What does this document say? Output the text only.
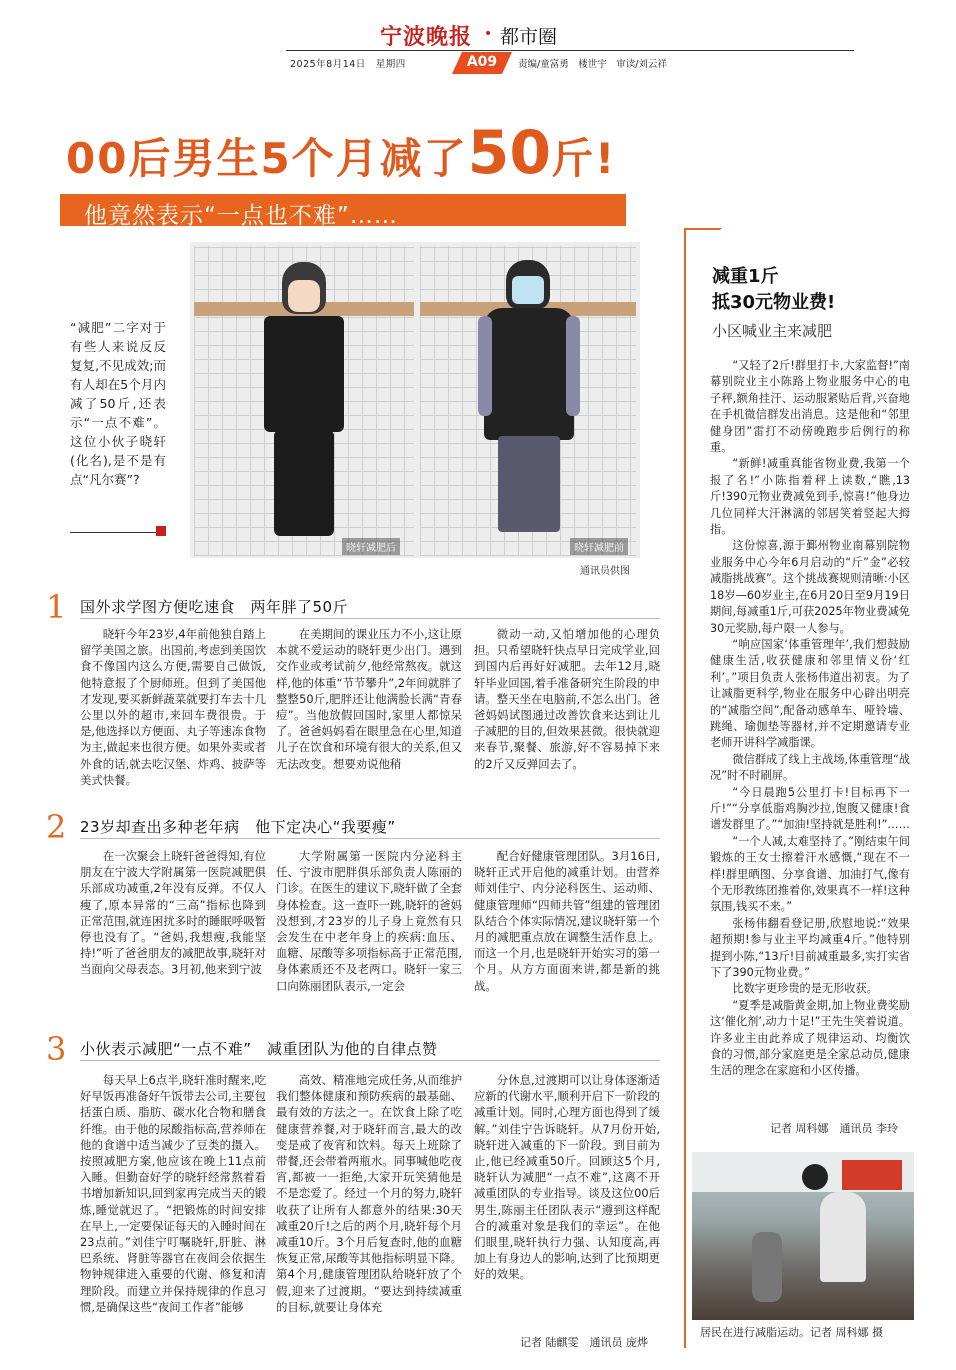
宁波晚报 • 都市圈
2025年8月14日　星期四	A09	责编/童富勇　楼世宇　审读/刘云祥
00后男生5个月减了50斤!
他竟然表示“一点也不难”……
晓轩减肥后	晓轩减肥前
通讯员供图
“减肥”二字对于有些人来说反反复复,不见成效;而有人却在5个月内减了50斤,还表示“一点不难”。这位小伙子晓轩(化名),是不是有点“凡尔赛”?
1 国外求学图方便吃速食　两年胖了50斤

晓轩今年23岁,4年前他独自踏上留学美国之旅。出国前,考虑到美国饮食不像国内这么方便,需要自己做饭,他特意报了个厨师班。但到了美国他才发现,要买新鲜蔬菜就要打车去十几公里以外的超市,来回车费很贵。于是,他选择以方便面、丸子等速冻食物为主,做起来也很方便。如果外卖或者外食的话,就去吃汉堡、炸鸡、披萨等美式快餐。

在美期间的课业压力不小,这让原本就不爱运动的晓轩更少出门。遇到交作业或考试前夕,他经常熬夜。就这样,他的体重“节节攀升”,2年间就胖了整整50斤,肥胖还让他满脸长满“青春痘”。当他放假回国时,家里人都惊呆了。爸爸妈妈看在眼里急在心里,知道儿子在饮食和环境有很大的关系,但又无法改变。想要劝说他稍

微动一动,又怕增加他的心理负担。只希望晓轩快点早日完成学业,回到国内后再好好减肥。去年12月,晓轩毕业回国,着手准备研究生阶段的申请。整天坐在电脑前,不怎么出门。爸爸妈妈试图通过改善饮食来达到让儿子减肥的目的,但效果甚微。很快就迎来春节,聚餐、旅游,好不容易掉下来的2斤又反弹回去了。

2 23岁却查出多种老年病　他下定决心“我要瘦”

在一次聚会上晓轩爸爸得知,有位朋友在宁波大学附属第一医院减肥俱乐部成功减重,2年没有反弹。不仅人瘦了,原本异常的“三高”指标也降到正常范围,就连困扰多时的睡眠呼吸暂停也没有了。“爸妈,我想瘦,我能坚持!”听了爸爸朋友的减肥故事,晓轩对当面向父母表态。3月初,他来到宁波

大学附属第一医院内分泌科主任、宁波市肥胖俱乐部负责人陈丽的门诊。在医生的建议下,晓轩做了全套身体检查。这一查吓一跳,晓轩的爸妈没想到,才23岁的儿子身上竟然有只会发生在中老年身上的疾病:血压、血糖、尿酸等多项指标高于正常范围,身体素质还不及老两口。晓轩一家三口向陈丽团队表示,一定会

配合好健康管理团队。3月16日,晓轩正式开启他的减重计划。由营养师刘佳宁、内分泌科医生、运动师、健康管理师“四师共管”组建的管理团队结合个体实际情况,建议晓轩第一个月的减肥重点放在调整生活作息上。而这一个月,也是晓轩开始实习的第一个月。从方方面面来讲,都是新的挑战。

3 小伙表示减肥“一点不难”　减重团队为他的自律点赞

每天早上6点半,晓轩准时醒来,吃好早饭再准备好午饭带去公司,主要包括蛋白质、脂肪、碳水化合物和膳食纤维。由于他的尿酸指标高,营养师在他的食谱中适当减少了豆类的摄入。按照减肥方案,他应该在晚上11点前入睡。但勤奋好学的晓轩经常熬着看书增加新知识,回到家再完成当天的锻炼,睡觉就迟了。“把锻炼的时间安排在早上,一定要保证每天的入睡时间在23点前。”刘佳宁叮嘱晓轩,肝脏、淋巴系统、肾脏等器官在夜间会依据生物钟规律进入重要的代谢、修复和清理阶段。而建立并保持规律的作息习惯,是确保这些“夜间工作者”能够

高效、精准地完成任务,从而维护我们整体健康和预防疾病的最基础、最有效的方法之一。在饮食上除了吃健康营养餐,对于晓轩而言,最大的改变是戒了夜宵和饮料。每天上班除了带餐,还会带着两瓶水。同事喊他吃夜宵,都被一一拒绝,大家开玩笑猜他是不是恋爱了。经过一个月的努力,晓轩收获了让所有人都意外的结果:30天减重20斤!之后的两个月,晓轩每个月减重10斤。3个月后复查时,他的血糖恢复正常,尿酸等其他指标明显下降。第4个月,健康管理团队给晓轩放了个假,迎来了过渡期。“要达到持续减重的目标,就要让身体充

分休息,过渡期可以让身体逐渐适应新的代谢水平,顺利开启下一阶段的减重计划。同时,心理方面也得到了缓解。”刘佳宁告诉晓轩。从7月份开始,晓轩进入减重的下一阶段。到目前为止,他已经减重50斤。回顾这5个月,晓轩认为减肥“一点不难”,这离不开减重团队的专业指导。谈及这位00后男生,陈丽主任团队表示“遵到这样配合的减重对象是我们的幸运”。在他们眼里,晓轩执行力强、认知度高,再加上有身边人的影响,达到了比预期更好的效果。

记者 陆麒雯　通讯员 庞烨
减重1斤
抵30元物业费!
小区喊业主来减肥

“又轻了2斤!群里打卡,大家监督!”南幕别院业主小陈路上物业服务中心的电子秤,额角挂汗、运动服紧贴后背,兴奋地在手机微信群发出消息。这是他和“邻里健身团”雷打不动傍晚跑步后例行的称重。

“新鲜!减重真能省物业费,我第一个报了名!”小陈指着秤上读数,“瞧,13斤!390元物业费减免到手,惊喜!”他身边几位同样大汗淋漓的邻居笑着竖起大拇指。

这份惊喜,源于鄞州物业南幕别院物业服务中心今年6月启动的“斤”金”必较减脂挑战赛”。这个挑战赛规则清晰:小区18岁—60岁业主,在6月20日至9月19日期间,每减重1斤,可获2025年物业费减免30元奖励,每户限一人参与。

“响应国家‘体重管理年’,我们想鼓励健康生活,收获健康和邻里情义份‘红利’。”项目负责人张杨伟道出初衷。为了让减脂更科学,物业在服务中心辟出明亮的“减脂空间”,配备动感单车、哑铃墙、跳绳、瑜伽垫等器材,并不定期邀请专业老师开讲科学减脂课。

微信群成了线上主战场,体重管理“战况”时不时刷屏。

“今日晨跑5公里打卡!目标再下一斤!”“分享低脂鸡胸沙拉,饱腹又健康!食谱发群里了。”“加油!坚持就是胜利!”……

“一个人减,太难坚持了。”刚结束午间锻炼的王女士擦着汗水感慨,“现在不一样!群里晒图、分享食谱、加油打气,像有个无形教练团推着你,效果真不一样!这种氛围,钱买不来。”

张杨伟翻看登记册,欣慰地说:“效果超预期!参与业主平均减重4斤。”他特别提到小陈,“13斤!目前减重最多,实打实省下了390元物业费。”

比数字更珍贵的是无形收获。

“夏季是减脂黄金期,加上物业费奖励这‘催化剂’,动力十足!”王先生笑着说道。许多业主由此养成了规律运动、均衡饮食的习惯,部分家庭更是全家总动员,健康生活的理念在家庭和小区传播。

记者 周科娜　通讯员 李玲
居民在进行减脂运动。记者 周科娜 摄
